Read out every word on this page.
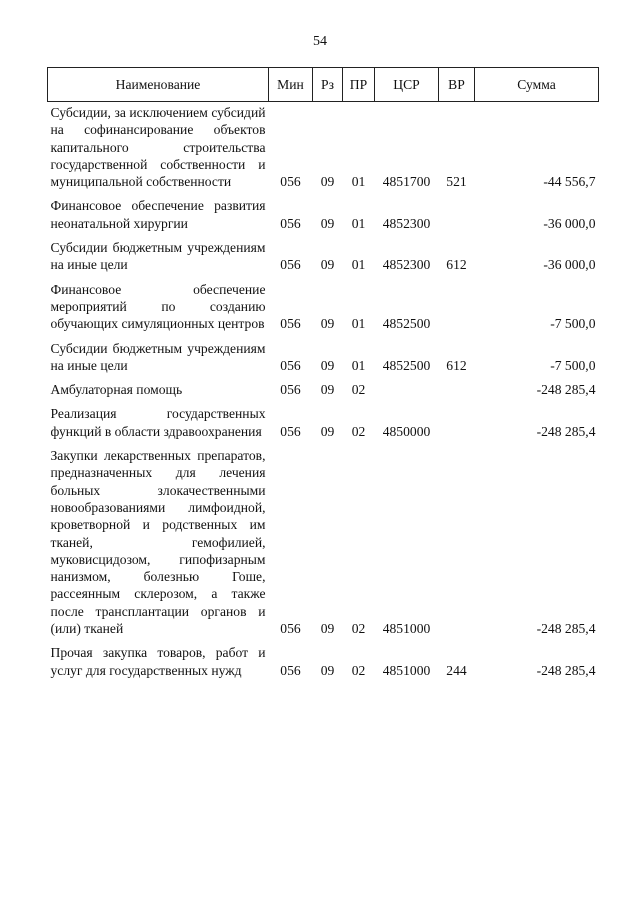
54
Наименование	Мин	Рз	ПР	ЦСР	ВР	Сумма
Субсидии, за исключением субсидий на софинансирование объектов капитального строительства государственной собственности и муниципальной собственности	056	09	01	4851700	521	-44 556,7
Финансовое обеспечение развития неонатальной хирургии	056	09	01	4852300		-36 000,0
Субсидии бюджетным учреждениям на иные цели	056	09	01	4852300	612	-36 000,0
Финансовое обеспечение мероприятий по созданию обучающих симуляционных центров	056	09	01	4852500		-7 500,0
Субсидии бюджетным учреждениям на иные цели	056	09	01	4852500	612	-7 500,0
Амбулаторная помощь	056	09	02			-248 285,4
Реализация государственных функций в области здравоохранения	056	09	02	4850000		-248 285,4
Закупки лекарственных препаратов, предназначенных для лечения больных злокачественными новообразованиями лимфоидной, кроветворной и родственных им тканей, гемофилией, муковисцидозом, гипофизарным нанизмом, болезнью Гоше, рассеянным склерозом, а также после трансплантации органов и (или) тканей	056	09	02	4851000		-248 285,4
Прочая закупка товаров, работ и услуг для государственных нужд	056	09	02	4851000	244	-248 285,4
